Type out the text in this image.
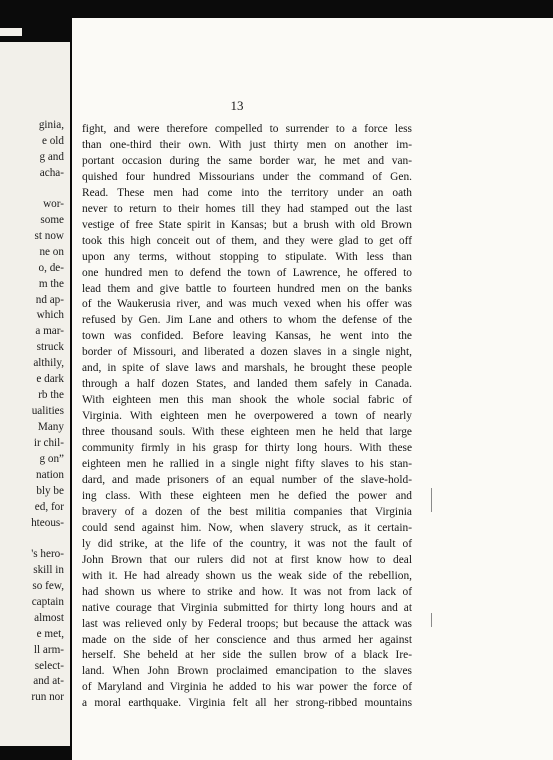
ginia,
e old
g and
acha-
wor-
some
st now
ne on
o, de-
m the
nd ap-
which
a mar-
struck
althily,
e dark
rb the
ualities
Many
ir chil-
g on”
nation
bly be
ed, for
hteous-
's hero-
skill in
so few,
captain
almost
e met,
ll arm-
select-
and at-
run nor
13
fight, and were therefore compelled to surrender to a force less
than one-third their own. With just thirty men on another im-
portant occasion during the same border war, he met and van-
quished four hundred Missourians under the command of Gen.
Read. These men had come into the territory under an oath
never to return to their homes till they had stamped out the last
vestige of free State spirit in Kansas; but a brush with old Brown
took this high conceit out of them, and they were glad to get off
upon any terms, without stopping to stipulate. With less than
one hundred men to defend the town of Lawrence, he offered to
lead them and give battle to fourteen hundred men on the banks
of the Waukerusia river, and was much vexed when his offer was
refused by Gen. Jim Lane and others to whom the defense of the
town was confided. Before leaving Kansas, he went into the
border of Missouri, and liberated a dozen slaves in a single night,
and, in spite of slave laws and marshals, he brought these people
through a half dozen States, and landed them safely in Canada.
With eighteen men this man shook the whole social fabric of
Virginia. With eighteen men he overpowered a town of nearly
three thousand souls. With these eighteen men he held that large
community firmly in his grasp for thirty long hours. With these
eighteen men he rallied in a single night fifty slaves to his stan-
dard, and made prisoners of an equal number of the slave-hold-
ing class. With these eighteen men he defied the power and
bravery of a dozen of the best militia companies that Virginia
could send against him. Now, when slavery struck, as it certain-
ly did strike, at the life of the country, it was not the fault of
John Brown that our rulers did not at first know how to deal
with it. He had already shown us the weak side of the rebellion,
had shown us where to strike and how. It was not from lack of
native courage that Virginia submitted for thirty long hours and at
last was relieved only by Federal troops; but because the attack was
made on the side of her conscience and thus armed her against
herself. She beheld at her side the sullen brow of a black Ire-
land. When John Brown proclaimed emancipation to the slaves
of Maryland and Virginia he added to his war power the force of
a moral earthquake. Virginia felt all her strong-ribbed mountains
